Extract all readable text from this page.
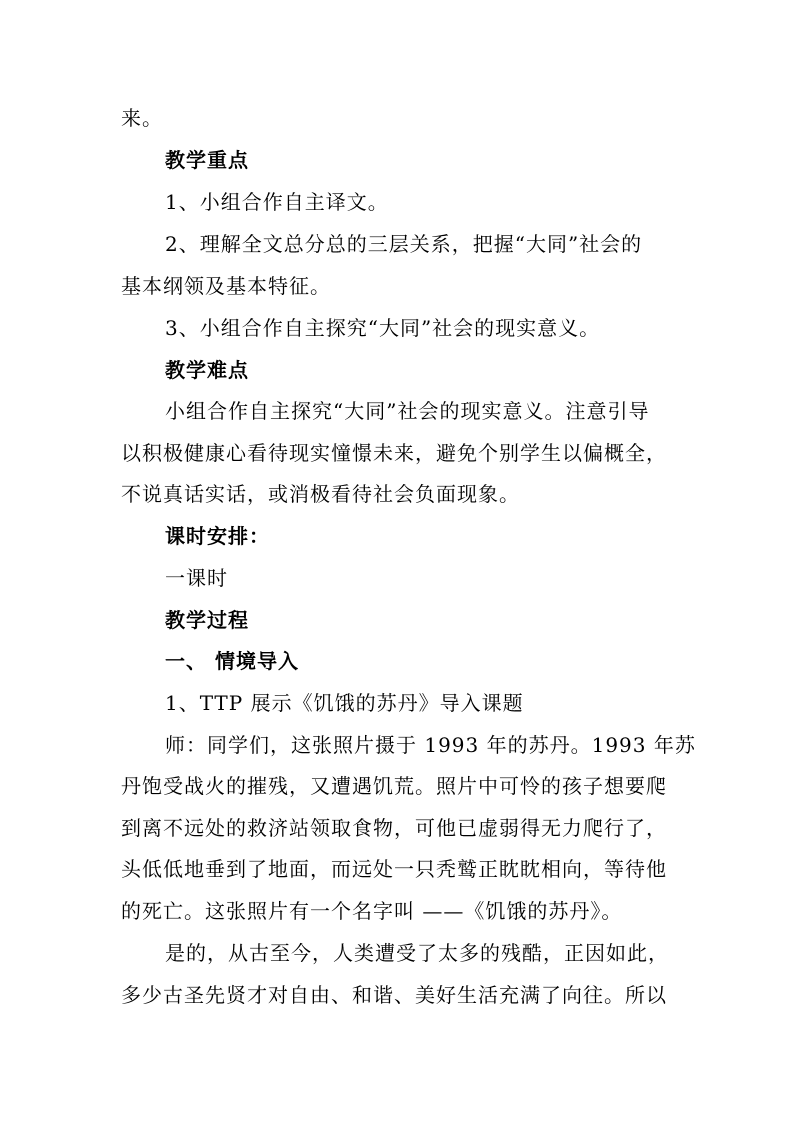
来。
教学重点
1、小组合作自主译文。
2、理解全文总分总的三层关系，把握“大同”社会的
基本纲领及基本特征。
3、小组合作自主探究“大同”社会的现实意义。
教学难点
小组合作自主探究“大同”社会的现实意义。注意引导
以积极健康心看待现实憧憬未来，避免个别学生以偏概全，
不说真话实话，或消极看待社会负面现象。
课时安排：
一课时
教学过程
一、 情境导入
1、TTP 展示《饥饿的苏丹》导入课题
师：同学们，这张照片摄于 1993 年的苏丹。1993 年苏
丹饱受战火的摧残，又遭遇饥荒。照片中可怜的孩子想要爬
到离不远处的救济站领取食物，可他已虚弱得无力爬行了，
头低低地垂到了地面，而远处一只秃鹫正眈眈相向，等待他
的死亡。这张照片有一个名字叫 ——《饥饿的苏丹》。
是的，从古至今，人类遭受了太多的残酷，正因如此，
多少古圣先贤才对自由、和谐、美好生活充满了向往。所以
